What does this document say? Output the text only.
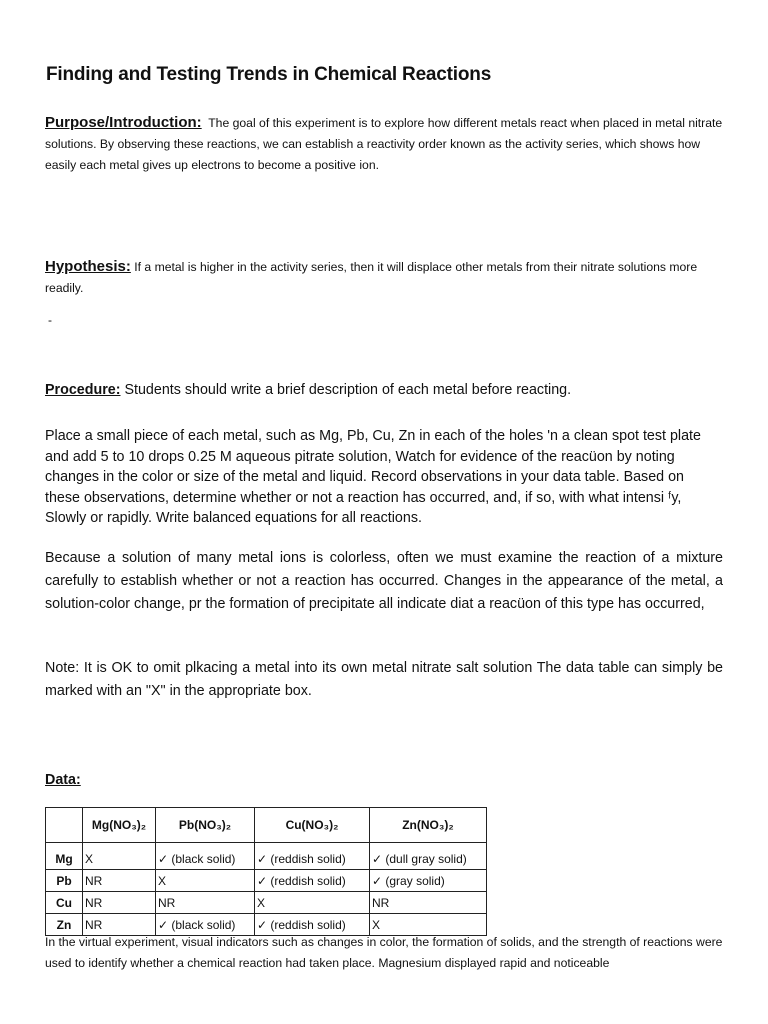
Finding and Testing Trends in Chemical Reactions
Purpose/Introduction: The goal of this experiment is to explore how different metals react when placed in metal nitrate solutions. By observing these reactions, we can establish a reactivity order known as the activity series, which shows how easily each metal gives up electrons to become a positive ion.
Hypothesis: If a metal is higher in the activity series, then it will displace other metals from their nitrate solutions more readily.
-
Procedure: Students should write a brief description of each metal before reacting.
Place a small piece of each metal, such as Mg, Pb, Cu, Zn in each of the holes 'n a clean spot test plate and add 5 to 10 drops 0.25 M aqueous pitrate solution, Watch for evidence of the reacüon by noting changes in the color or size of the metal and liquid. Record observations in your data table. Based on these observations, determine whether or not a reaction has occurred, and, if so, with what intensi ᶠy, Slowly or rapidly. Write balanced equations for all reactions.
Because a solution of many metal ions is colorless, often we must examine the reaction of a mixture carefully to establish whether or not a reaction has occurred. Changes in the appearance of the metal, a solution-color change, pr the formation of precipitate all indicate diat a reacüon of this type has occurred,
Note: It is OK to omit plkacing a metal into its own metal nitrate salt solution The data table can simply be marked with an "X" in the appropriate box.
Data:
	Mg(NO₃)₂	Pb(NO₃)₂	Cu(NO₃)₂	Zn(NO₃)₂
Mg	X	✓ (black solid)	✓ (reddish solid)	✓ (dull gray solid)
Pb	NR	X	✓ (reddish solid)	✓ (gray solid)
Cu	NR	NR	X	NR
Zn	NR	✓ (black solid)	✓ (reddish solid)	X
In the virtual experiment, visual indicators such as changes in color, the formation of solids, and the strength of reactions were used to identify whether a chemical reaction had taken place. Magnesium displayed rapid and noticeable
